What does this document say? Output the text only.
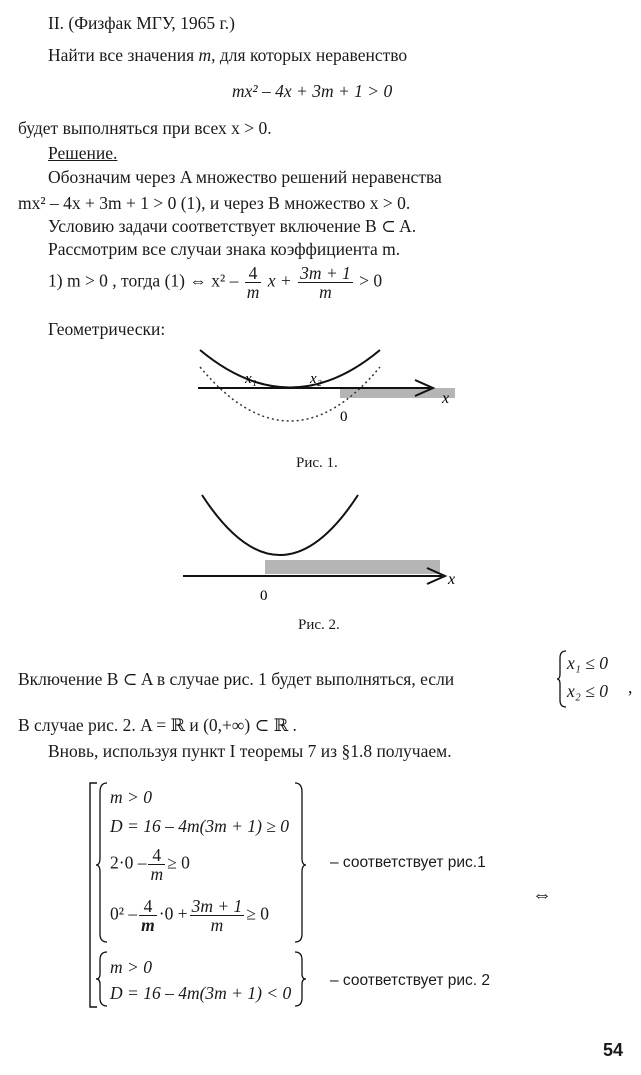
II. (Физфак МГУ, 1965 г.)
Найти все значения m, для которых неравенство
mx² – 4x + 3m + 1 > 0
будет выполняться при всех x > 0.
Решение.
Обозначим через A множество решений неравенства
mx² – 4x + 3m + 1 > 0 (1), и через B множество x > 0.
Условию задачи соответствует включение B ⊂ A.
Рассмотрим все случаи знака коэффициента m.
1) m > 0 , тогда (1) ⇔ $x^2 - \frac{4}{m}$ $x + \frac{3m + 1}{m} > 0$
Геометрически:
x₁	x₂
0
x
Рис. 1.
0
x
Рис. 2.
Включение B ⊂ A в случае рис. 1 будет выполняться, если
x₁ ≤ 0
x₂ ≤ 0 ,
В случае рис. 2. A = ℝ и (0,+∞) ⊂ ℝ .
Вновь, используя пункт I теоремы 7 из §1.8 получаем.
m > 0
D = 16 – 4m(3m + 1) ≥ 0
$2\cdot 0 - \frac{4}{m} \ge 0$
$0^2 - \frac{4}{m} \cdot 0 + \frac{3m + 1}{m} \ge 0$
m > 0
D = 16 – 4m(3m + 1) < 0
– соответствует рис.1
– соответствует рис. 2
⇔
54
